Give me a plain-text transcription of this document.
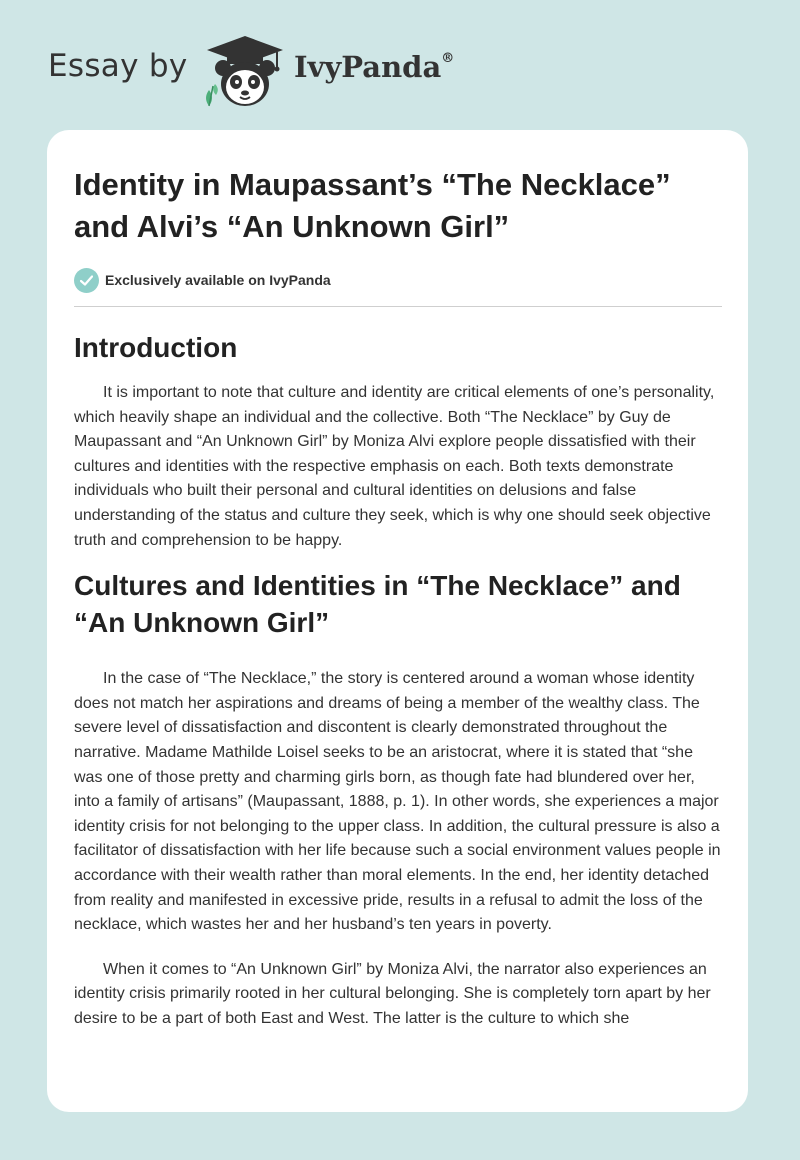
Essay by	IvyPanda®
Identity in Maupassant’s “The Necklace” and Alvi’s “An Unknown Girl”
Exclusively available on IvyPanda
Introduction

It is important to note that culture and identity are critical elements of one’s personality, which heavily shape an individual and the collective. Both “The Necklace” by Guy de Maupassant and “An Unknown Girl” by Moniza Alvi explore people dissatisfied with their cultures and identities with the respective emphasis on each. Both texts demonstrate individuals who built their personal and cultural identities on delusions and false understanding of the status and culture they seek, which is why one should seek objective truth and comprehension to be happy.

Cultures and Identities in “The Necklace” and “An Unknown Girl”

In the case of “The Necklace,” the story is centered around a woman whose identity does not match her aspirations and dreams of being a member of the wealthy class. The severe level of dissatisfaction and discontent is clearly demonstrated throughout the narrative. Madame Mathilde Loisel seeks to be an aristocrat, where it is stated that “she was one of those pretty and charming girls born, as though fate had blundered over her, into a family of artisans” (Maupassant, 1888, p. 1). In other words, she experiences a major identity crisis for not belonging to the upper class. In addition, the cultural pressure is also a facilitator of dissatisfaction with her life because such a social environment values people in accordance with their wealth rather than moral elements. In the end, her identity detached from reality and manifested in excessive pride, results in a refusal to admit the loss of the necklace, which wastes her and her husband’s ten years in poverty.

When it comes to “An Unknown Girl” by Moniza Alvi, the narrator also experiences an identity crisis primarily rooted in her cultural belonging. She is completely torn apart by her desire to be a part of both East and West. The latter is the culture to which she
